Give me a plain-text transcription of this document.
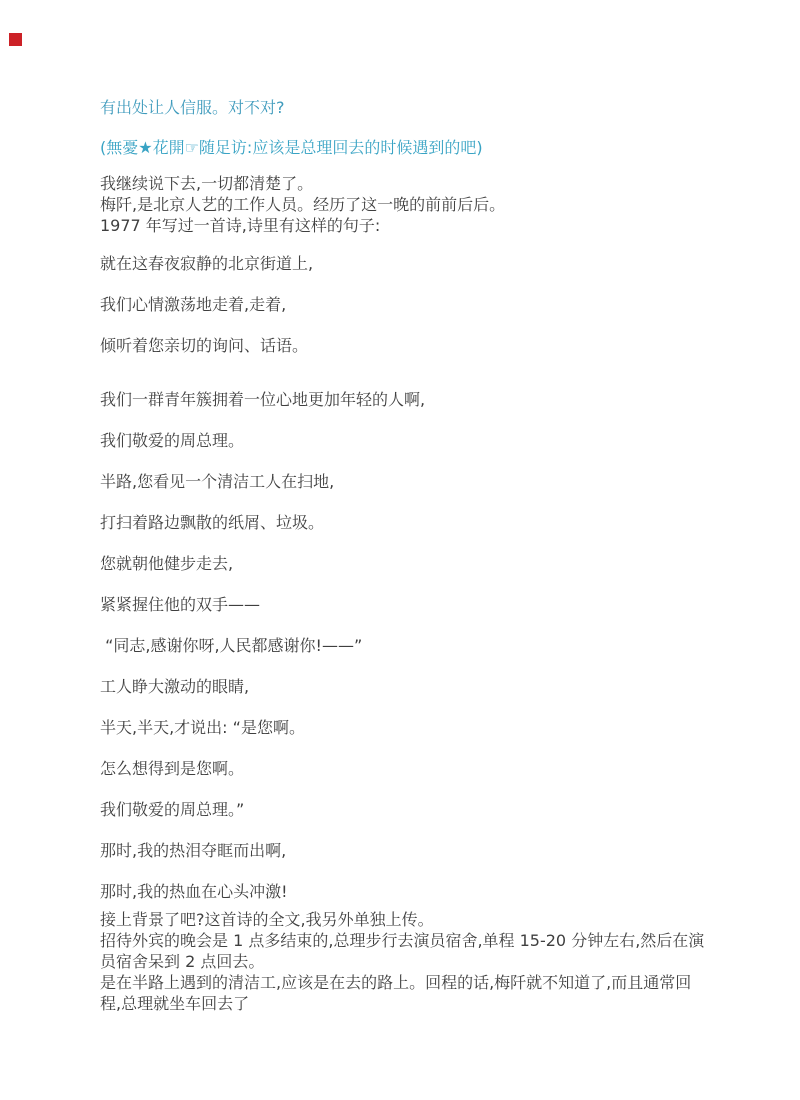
有出处让人信服。对不对?

(無憂★花開☞随足访:应该是总理回去的时候遇到的吧)

我继续说下去,一切都清楚了。

梅阡,是北京人艺的工作人员。经历了这一晚的前前后后。

1977 年写过一首诗,诗里有这样的句子:

就在这春夜寂静的北京街道上,

我们心情激荡地走着,走着,

倾听着您亲切的询问、话语。

我们一群青年簇拥着一位心地更加年轻的人啊,

我们敬爱的周总理。

半路,您看见一个清洁工人在扫地,

打扫着路边飘散的纸屑、垃圾。

您就朝他健步走去,

紧紧握住他的双手——

“同志,感谢你呀,人民都感谢你!——”

工人睁大激动的眼睛,

半天,半天,才说出: “是您啊。

怎么想得到是您啊。

我们敬爱的周总理。”

那时,我的热泪夺眶而出啊,

那时,我的热血在心头冲激!

接上背景了吧?这首诗的全文,我另外单独上传。

招待外宾的晚会是 1 点多结束的,总理步行去演员宿舍,单程 15-20 分钟左右,然后在演员宿舍呆到 2 点回去。

是在半路上遇到的清洁工,应该是在去的路上。回程的话,梅阡就不知道了,而且通常回程,总理就坐车回去了
